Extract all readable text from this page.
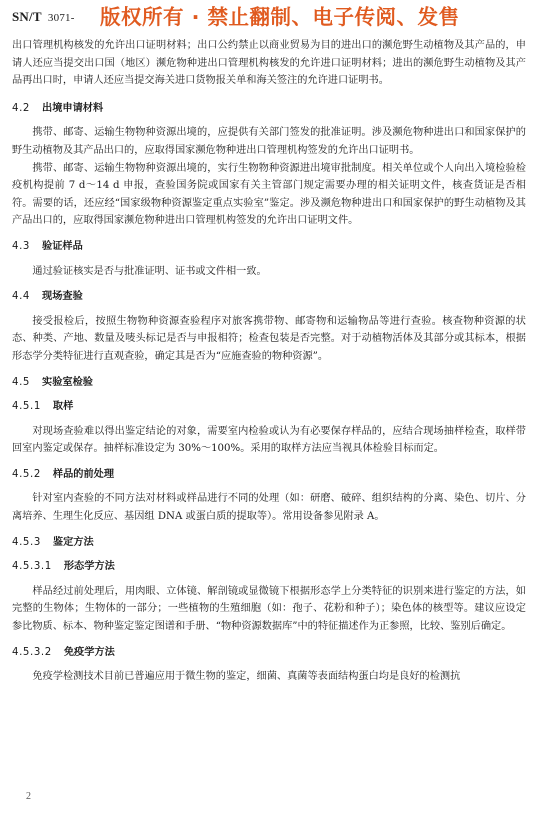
SN/T 3071- 版权所有 · 禁止翻制、电子传阅、发售

出口管理机构核发的允许出口证明材料；出口公约禁止以商业贸易为目的进出口的濒危野生动植物及其产品的，申请人还应当提交出口国（地区）濒危物种进出口管理机构核发的允许进口证明材料；进出的濒危野生动植物及其产品再出口时，申请人还应当提交海关进口货物报关单和海关签注的允许进口证明书。

4.2 出境申请材料

携带、邮寄、运输生物物种资源出境的，应提供有关部门签发的批准证明。涉及濒危物种进出口和国家保护的野生动植物及其产品出口的，应取得国家濒危物种进出口管理机构签发的允许出口证明书。

携带、邮寄、运输生物物种资源出境的，实行生物物种资源进出境审批制度。相关单位或个人向出入境检验检疫机构提前 7 d～14 d 申报，查验国务院或国家有关主管部门规定需要办理的相关证明文件，核查货证是否相符。需要的话，还应经“国家级物种资源鉴定重点实验室”鉴定。涉及濒危物种进出口和国家保护的野生动植物及其产品出口的，应取得国家濒危物种进出口管理机构签发的允许出口证明文件。

4.3 验证样品

通过验证核实是否与批准证明、证书或文件相一致。

4.4 现场查验

接受报检后，按照生物物种资源查验程序对旅客携带物、邮寄物和运输物品等进行查验。核查物种资源的状态、种类、产地、数量及唛头标记是否与申报相符；检查包装是否完整。对于动植物活体及其部分或其标本，根据形态学分类特征进行直观查验，确定其是否为“应施查验的物种资源”。

4.5 实验室检验
4.5.1 取样

对现场查验难以得出鉴定结论的对象，需要室内检验或认为有必要保存样品的，应结合现场抽样检查，取样带回室内鉴定或保存。抽样标准设定为 30%～100%。采用的取样方法应当视具体检验目标而定。

4.5.2 样品的前处理

针对室内查验的不同方法对材料或样品进行不同的处理（如：研磨、破碎、组织结构的分离、染色、切片、分离培养、生理生化反应、基因组 DNA 或蛋白质的提取等）。常用设备参见附录 A。

4.5.3 鉴定方法
4.5.3.1 形态学方法

样品经过前处理后，用肉眼、立体镜、解剖镜或显微镜下根据形态学上分类特征的识别来进行鉴定的方法，如完整的生物体；生物体的一部分；一些植物的生殖细胞（如：孢子、花粉和种子）；染色体的核型等。建议应设定参比物质、标本、物种鉴定鉴定图谱和手册、“物种资源数据库”中的特征描述作为正参照，比较、鉴别后确定。

4.5.3.2 免疫学方法

免疫学检测技术目前已普遍应用于微生物的鉴定，细菌、真菌等表面结构蛋白均是良好的检测抗

2
